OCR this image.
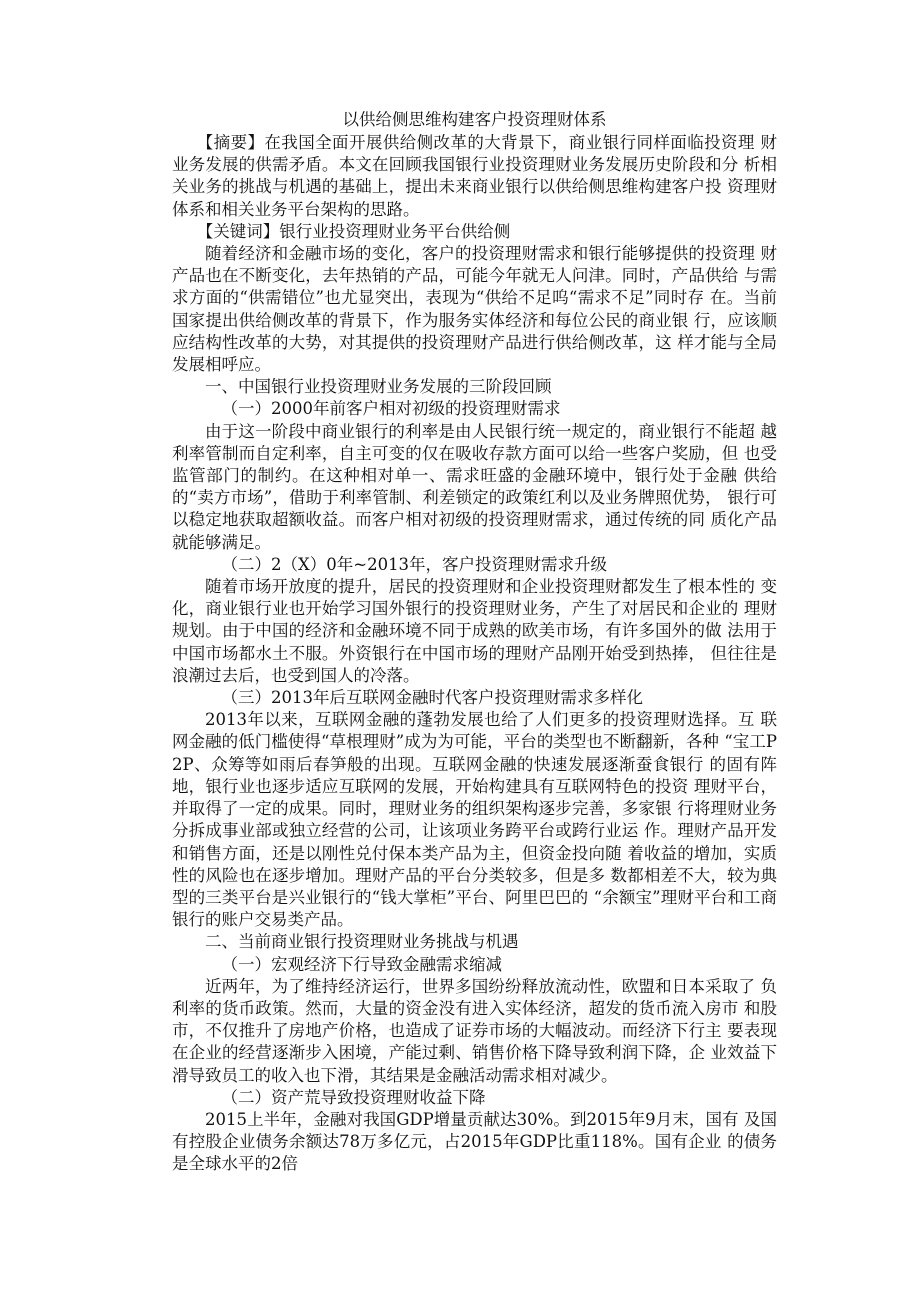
以供给侧思维构建客户投资理财体系

【摘要】在我国全面开展供给侧改革的大背景下，商业银行同样面临投资理 财业务发展的供需矛盾。本文在回顾我国银行业投资理财业务发展历史阶段和分 析相关业务的挑战与机遇的基础上，提出未来商业银行以供给侧思维构建客户投 资理财体系和相关业务平台架构的思路。

【关键词】银行业投资理财业务平台供给侧

随着经济和金融市场的变化，客户的投资理财需求和银行能够提供的投资理 财产品也在不断变化，去年热销的产品，可能今年就无人问津。同时，产品供给 与需求方面的“供需错位”也尤显突出，表现为“供给不足呜“需求不足”同时存 在。当前国家提出供给侧改革的背景下，作为服务实体经济和每位公民的商业银 行，应该顺应结构性改革的大势，对其提供的投资理财产品进行供给侧改革，这 样才能与全局发展相呼应。

一、中国银行业投资理财业务发展的三阶段回顾

（一）2000年前客户相对初级的投资理财需求

由于这一阶段中商业银行的利率是由人民银行统一规定的，商业银行不能超 越利率管制而自定利率，自主可变的仅在吸收存款方面可以给一些客户奖励，但 也受监管部门的制约。在这种相对单一、需求旺盛的金融环境中，银行处于金融 供给的“卖方市场”，借助于利率管制、利差锁定的政策红利以及业务牌照优势， 银行可以稳定地获取超额收益。而客户相对初级的投资理财需求，通过传统的同 质化产品就能够满足。

（二）2（X）0年~2013年，客户投资理财需求升级

随着市场开放度的提升，居民的投资理财和企业投资理财都发生了根本性的 变化，商业银行业也开始学习国外银行的投资理财业务，产生了对居民和企业的 理财规划。由于中国的经济和金融环境不同于成熟的欧美市场，有许多国外的做 法用于中国市场都水土不服。外资银行在中国市场的理财产品刚开始受到热捧， 但往往是浪潮过去后，也受到国人的冷落。

（三）2013年后互联网金融时代客户投资理财需求多样化

2013年以来，互联网金融的蓬勃发展也给了人们更多的投资理财选择。互 联网金融的低门槛使得“草根理财”成为为可能，平台的类型也不断翻新，各种 “宝工P2P、众筹等如雨后春笋般的出现。互联网金融的快速发展逐渐蚕食银行 的固有阵地，银行业也逐步适应互联网的发展，开始构建具有互联网特色的投资 理财平台，并取得了一定的成果。同时，理财业务的组织架构逐步完善，多家银 行将理财业务分拆成事业部或独立经营的公司，让该项业务跨平台或跨行业运 作。理财产品开发和销售方面，还是以刚性兑付保本类产品为主，但资金投向随 着收益的增加，实质性的风险也在逐步增加。理财产品的平台分类较多，但是多 数都相差不大，较为典型的三类平台是兴业银行的“钱大掌柜”平台、阿里巴巴的 “余额宝”理财平台和工商银行的账户交易类产品。

二、当前商业银行投资理财业务挑战与机遇

（一）宏观经济下行导致金融需求缩减

近两年，为了维持经济运行，世界多国纷纷释放流动性，欧盟和日本采取了 负利率的货币政策。然而，大量的资金没有进入实体经济，超发的货币流入房市 和股市，不仅推升了房地产价格，也造成了证券市场的大幅波动。而经济下行主 要表现在企业的经营逐渐步入困境，产能过剩、销售价格下降导致利润下降，企 业效益下滑导致员工的收入也下滑，其结果是金融活动需求相对减少。

（二）资产荒导致投资理财收益下降

2015上半年，金融对我国GDP增量贡献达30%。到2015年9月末，国有 及国有控股企业债务余额达78万多亿元，占2015年GDP比重118%。国有企业 的债务是全球水平的2倍
